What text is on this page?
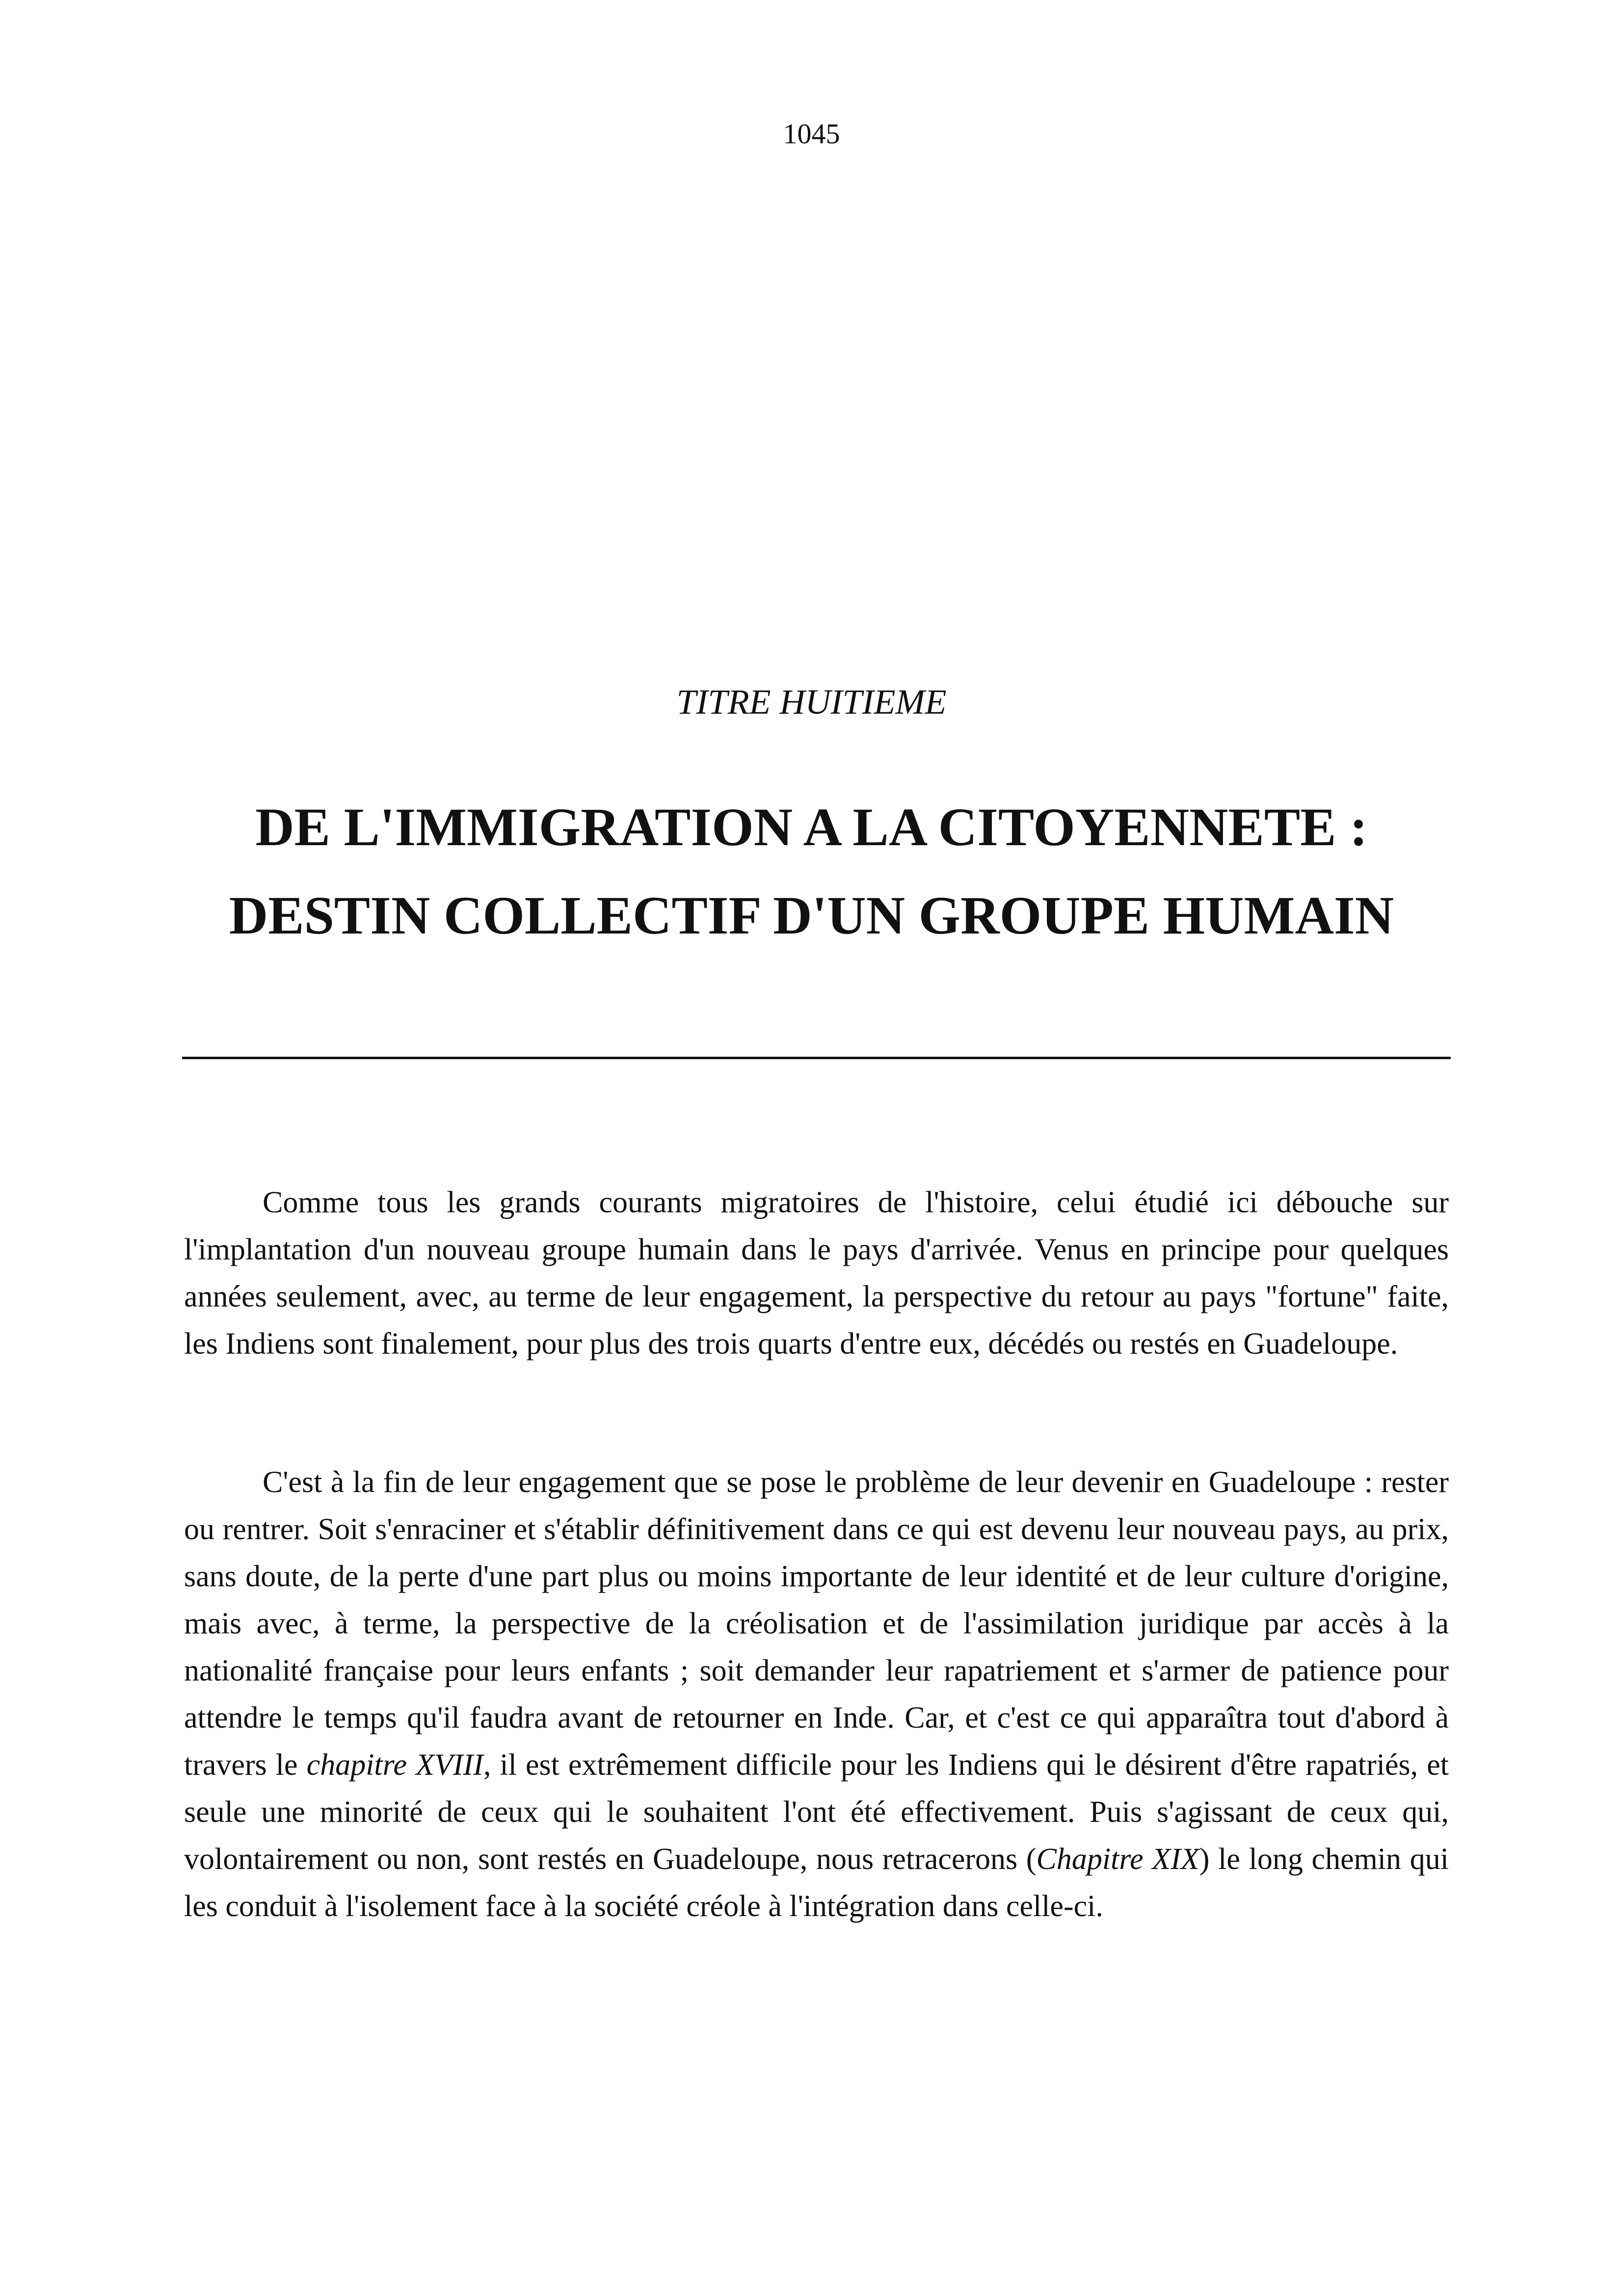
1045
TITRE HUITIEME
DE L'IMMIGRATION A LA CITOYENNETE :
DESTIN COLLECTIF D'UN GROUPE HUMAIN

Comme tous les grands courants migratoires de l'histoire, celui étudié ici débouche sur l'implantation d'un nouveau groupe humain dans le pays d'arrivée. Venus en principe pour quelques années seulement, avec, au terme de leur engagement, la perspective du retour au pays "fortune" faite, les Indiens sont finalement, pour plus des trois quarts d'entre eux, décédés ou restés en Guadeloupe.

C'est à la fin de leur engagement que se pose le problème de leur devenir en Guadeloupe : rester ou rentrer. Soit s'enraciner et s'établir définitivement dans ce qui est devenu leur nouveau pays, au prix, sans doute, de la perte d'une part plus ou moins importante de leur identité et de leur culture d'origine, mais avec, à terme, la perspective de la créolisation et de l'assimilation juridique par accès à la nationalité française pour leurs enfants ; soit demander leur rapatriement et s'armer de patience pour attendre le temps qu'il faudra avant de retourner en Inde. Car, et c'est ce qui apparaîtra tout d'abord à travers le chapitre XVIII, il est extrêmement difficile pour les Indiens qui le désirent d'être rapatriés, et seule une minorité de ceux qui le souhaitent l'ont été effectivement. Puis s'agissant de ceux qui, volontairement ou non, sont restés en Guadeloupe, nous retracerons (Chapitre XIX) le long chemin qui les conduit à l'isolement face à la société créole à l'intégration dans celle-ci.
